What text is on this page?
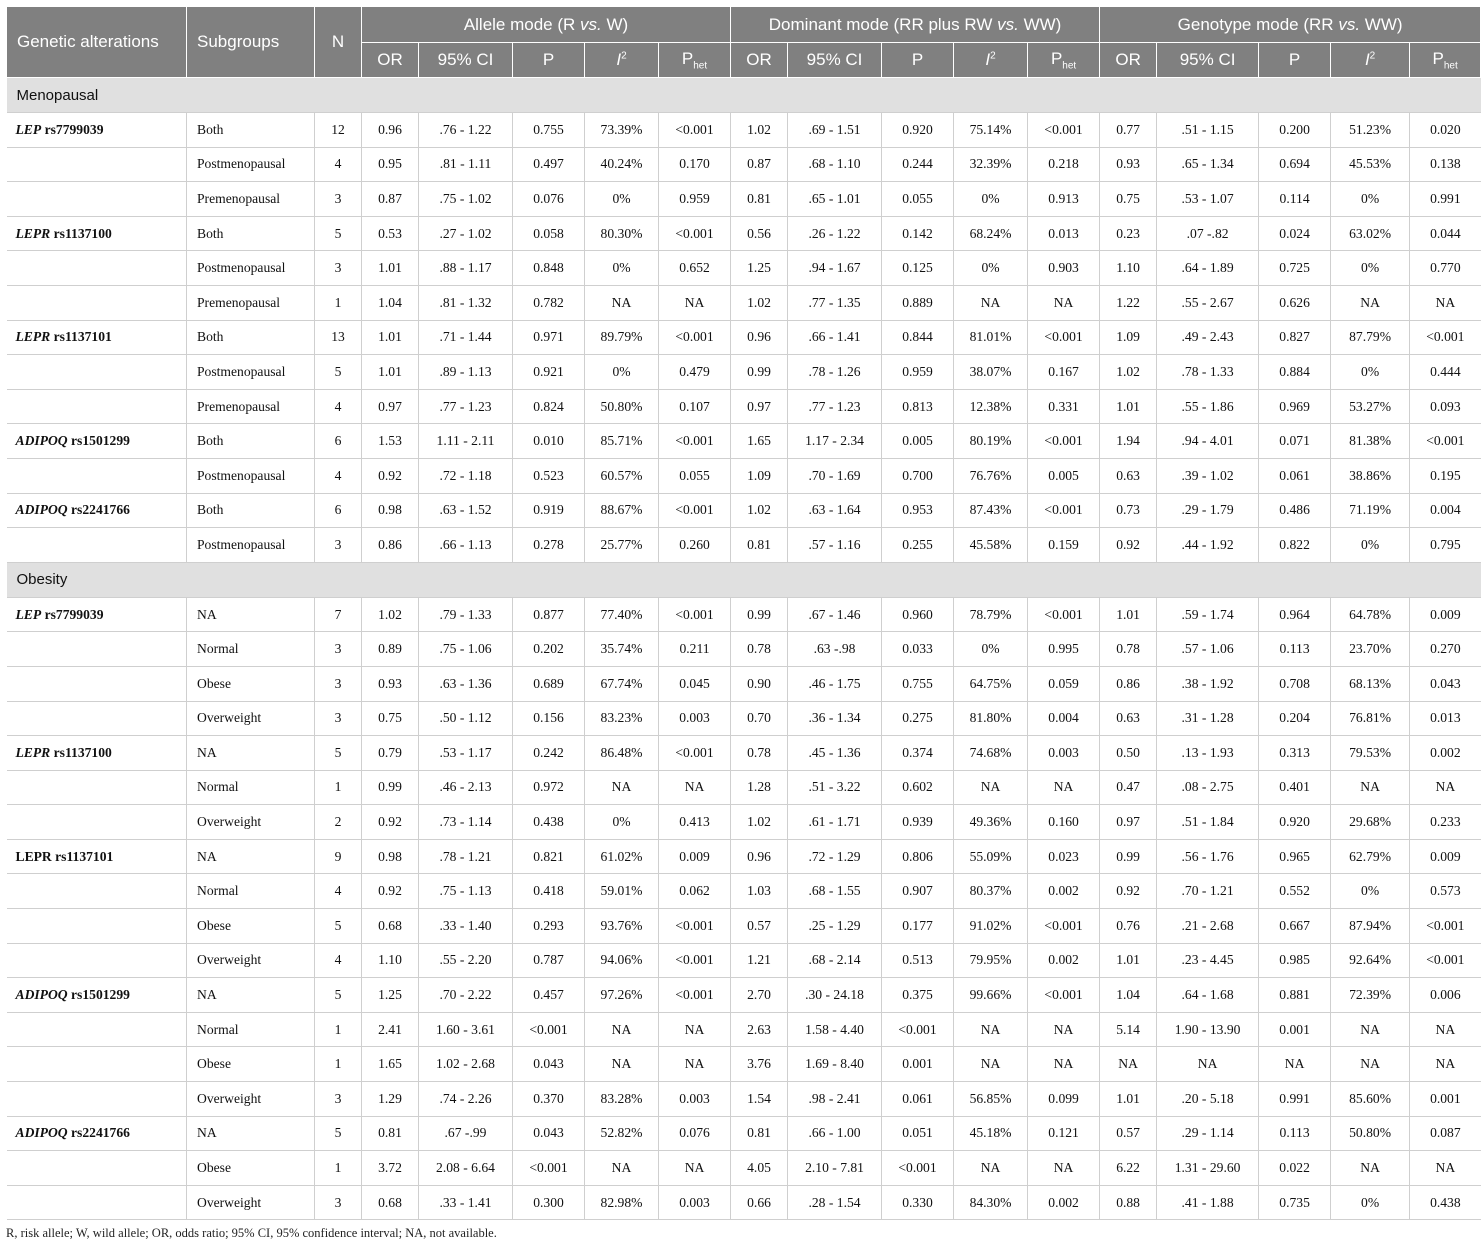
Genetic alterations	Subgroups	N	Allele mode (R vs. W)					Dominant mode (RR plus RW vs. WW)					Genotype mode (RR vs. WW)				
			OR	95% CI	P	$I^2$	$P_{het}$	OR	95% CI	P	$I^2$	$P_{het}$	OR	95% CI	P	$I^2$	$P_{het}$
Menopausal																	
LEP rs7799039	Both	12	0.96	.76 - 1.22	0.755	73.39%	<0.001	1.02	.69 - 1.51	0.920	75.14%	<0.001	0.77	.51 - 1.15	0.200	51.23%	0.020
	Postmenopausal	4	0.95	.81 - 1.11	0.497	40.24%	0.170	0.87	.68 - 1.10	0.244	32.39%	0.218	0.93	.65 - 1.34	0.694	45.53%	0.138
	Premenopausal	3	0.87	.75 - 1.02	0.076	0%	0.959	0.81	.65 - 1.01	0.055	0%	0.913	0.75	.53 - 1.07	0.114	0%	0.991
LEPR rs1137100	Both	5	0.53	.27 - 1.02	0.058	80.30%	<0.001	0.56	.26 - 1.22	0.142	68.24%	0.013	0.23	.07 -.82	0.024	63.02%	0.044
	Postmenopausal	3	1.01	.88 - 1.17	0.848	0%	0.652	1.25	.94 - 1.67	0.125	0%	0.903	1.10	.64 - 1.89	0.725	0%	0.770
	Premenopausal	1	1.04	.81 - 1.32	0.782	NA	NA	1.02	.77 - 1.35	0.889	NA	NA	1.22	.55 - 2.67	0.626	NA	NA
LEPR rs1137101	Both	13	1.01	.71 - 1.44	0.971	89.79%	<0.001	0.96	.66 - 1.41	0.844	81.01%	<0.001	1.09	.49 - 2.43	0.827	87.79%	<0.001
	Postmenopausal	5	1.01	.89 - 1.13	0.921	0%	0.479	0.99	.78 - 1.26	0.959	38.07%	0.167	1.02	.78 - 1.33	0.884	0%	0.444
	Premenopausal	4	0.97	.77 - 1.23	0.824	50.80%	0.107	0.97	.77 - 1.23	0.813	12.38%	0.331	1.01	.55 - 1.86	0.969	53.27%	0.093
ADIPOQ rs1501299	Both	6	1.53	1.11 - 2.11	0.010	85.71%	<0.001	1.65	1.17 - 2.34	0.005	80.19%	<0.001	1.94	.94 - 4.01	0.071	81.38%	<0.001
	Postmenopausal	4	0.92	.72 - 1.18	0.523	60.57%	0.055	1.09	.70 - 1.69	0.700	76.76%	0.005	0.63	.39 - 1.02	0.061	38.86%	0.195
ADIPOQ rs2241766	Both	6	0.98	.63 - 1.52	0.919	88.67%	<0.001	1.02	.63 - 1.64	0.953	87.43%	<0.001	0.73	.29 - 1.79	0.486	71.19%	0.004
	Postmenopausal	3	0.86	.66 - 1.13	0.278	25.77%	0.260	0.81	.57 - 1.16	0.255	45.58%	0.159	0.92	.44 - 1.92	0.822	0%	0.795
Obesity																	
LEP rs7799039	NA	7	1.02	.79 - 1.33	0.877	77.40%	<0.001	0.99	.67 - 1.46	0.960	78.79%	<0.001	1.01	.59 - 1.74	0.964	64.78%	0.009
	Normal	3	0.89	.75 - 1.06	0.202	35.74%	0.211	0.78	.63 -.98	0.033	0%	0.995	0.78	.57 - 1.06	0.113	23.70%	0.270
	Obese	3	0.93	.63 - 1.36	0.689	67.74%	0.045	0.90	.46 - 1.75	0.755	64.75%	0.059	0.86	.38 - 1.92	0.708	68.13%	0.043
	Overweight	3	0.75	.50 - 1.12	0.156	83.23%	0.003	0.70	.36 - 1.34	0.275	81.80%	0.004	0.63	.31 - 1.28	0.204	76.81%	0.013
LEPR rs1137100	NA	5	0.79	.53 - 1.17	0.242	86.48%	<0.001	0.78	.45 - 1.36	0.374	74.68%	0.003	0.50	.13 - 1.93	0.313	79.53%	0.002
	Normal	1	0.99	.46 - 2.13	0.972	NA	NA	1.28	.51 - 3.22	0.602	NA	NA	0.47	.08 - 2.75	0.401	NA	NA
	Overweight	2	0.92	.73 - 1.14	0.438	0%	0.413	1.02	.61 - 1.71	0.939	49.36%	0.160	0.97	.51 - 1.84	0.920	29.68%	0.233
LEPR rs1137101	NA	9	0.98	.78 - 1.21	0.821	61.02%	0.009	0.96	.72 - 1.29	0.806	55.09%	0.023	0.99	.56 - 1.76	0.965	62.79%	0.009
	Normal	4	0.92	.75 - 1.13	0.418	59.01%	0.062	1.03	.68 - 1.55	0.907	80.37%	0.002	0.92	.70 - 1.21	0.552	0%	0.573
	Obese	5	0.68	.33 - 1.40	0.293	93.76%	<0.001	0.57	.25 - 1.29	0.177	91.02%	<0.001	0.76	.21 - 2.68	0.667	87.94%	<0.001
	Overweight	4	1.10	.55 - 2.20	0.787	94.06%	<0.001	1.21	.68 - 2.14	0.513	79.95%	0.002	1.01	.23 - 4.45	0.985	92.64%	<0.001
ADIPOQ rs1501299	NA	5	1.25	.70 - 2.22	0.457	97.26%	<0.001	2.70	.30 - 24.18	0.375	99.66%	<0.001	1.04	.64 - 1.68	0.881	72.39%	0.006
	Normal	1	2.41	1.60 - 3.61	<0.001	NA	NA	2.63	1.58 - 4.40	<0.001	NA	NA	5.14	1.90 - 13.90	0.001	NA	NA
	Obese	1	1.65	1.02 - 2.68	0.043	NA	NA	3.76	1.69 - 8.40	0.001	NA	NA	NA	NA	NA	NA	NA
	Overweight	3	1.29	.74 - 2.26	0.370	83.28%	0.003	1.54	.98 - 2.41	0.061	56.85%	0.099	1.01	.20 - 5.18	0.991	85.60%	0.001
ADIPOQ rs2241766	NA	5	0.81	.67 -.99	0.043	52.82%	0.076	0.81	.66 - 1.00	0.051	45.18%	0.121	0.57	.29 - 1.14	0.113	50.80%	0.087
	Obese	1	3.72	2.08 - 6.64	<0.001	NA	NA	4.05	2.10 - 7.81	<0.001	NA	NA	6.22	1.31 - 29.60	0.022	NA	NA
	Overweight	3	0.68	.33 - 1.41	0.300	82.98%	0.003	0.66	.28 - 1.54	0.330	84.30%	0.002	0.88	.41 - 1.88	0.735	0%	0.438
R, risk allele; W, wild allele; OR, odds ratio; 95% CI, 95% confidence interval; NA, not available.
